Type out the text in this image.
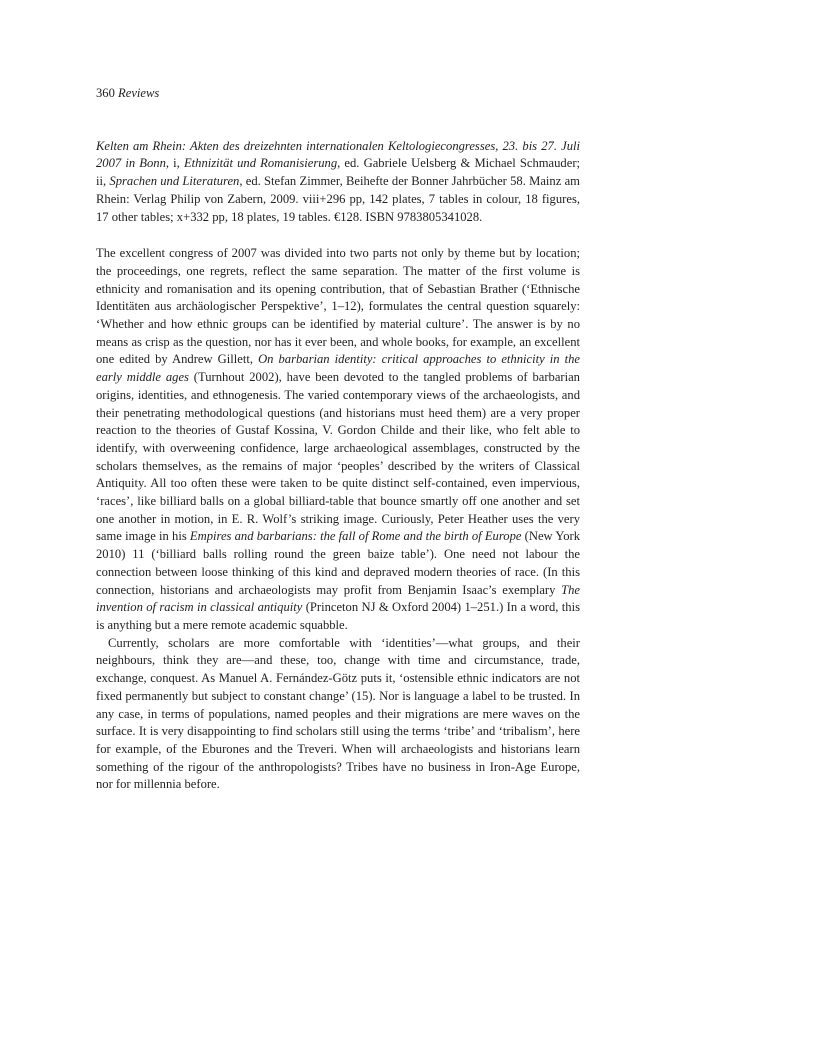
360 Reviews

Kelten am Rhein: Akten des dreizehnten internationalen Keltologiecongresses, 23. bis 27. Juli 2007 in Bonn, i, Ethnizität und Romanisierung, ed. Gabriele Uelsberg & Michael Schmauder; ii, Sprachen und Literaturen, ed. Stefan Zimmer, Beihefte der Bonner Jahrbücher 58. Mainz am Rhein: Verlag Philip von Zabern, 2009. viii+296 pp, 142 plates, 7 tables in colour, 18 figures, 17 other tables; x+332 pp, 18 plates, 19 tables. €128. ISBN 9783805341028.

The excellent congress of 2007 was divided into two parts not only by theme but by location; the proceedings, one regrets, reflect the same separation. The matter of the first volume is ethnicity and romanisation and its opening contribution, that of Sebastian Brather (‘Ethnische Identitäten aus archäologischer Perspektive’, 1–12), formulates the central question squarely: ‘Whether and how ethnic groups can be identified by material culture’. The answer is by no means as crisp as the question, nor has it ever been, and whole books, for example, an excellent one edited by Andrew Gillett, On barbarian identity: critical approaches to ethnicity in the early middle ages (Turnhout 2002), have been devoted to the tangled problems of barbarian origins, identities, and ethnogenesis. The varied contemporary views of the archaeologists, and their penetrating methodological questions (and historians must heed them) are a very proper reaction to the theories of Gustaf Kossina, V. Gordon Childe and their like, who felt able to identify, with overweening confidence, large archaeological assemblages, constructed by the scholars themselves, as the remains of major ‘peoples’ described by the writers of Classical Antiquity. All too often these were taken to be quite distinct self-contained, even impervious, ‘races’, like billiard balls on a global billiard-table that bounce smartly off one another and set one another in motion, in E. R. Wolf’s striking image. Curiously, Peter Heather uses the very same image in his Empires and barbarians: the fall of Rome and the birth of Europe (New York 2010) 11 (‘billiard balls rolling round the green baize table’). One need not labour the connection between loose thinking of this kind and depraved modern theories of race. (In this connection, historians and archaeologists may profit from Benjamin Isaac’s exemplary The invention of racism in classical antiquity (Princeton NJ & Oxford 2004) 1–251.) In a word, this is anything but a mere remote academic squabble.

Currently, scholars are more comfortable with ‘identities’—what groups, and their neighbours, think they are—and these, too, change with time and circumstance, trade, exchange, conquest. As Manuel A. Fernández-Götz puts it, ‘ostensible ethnic indicators are not fixed permanently but subject to constant change’ (15). Nor is language a label to be trusted. In any case, in terms of populations, named peoples and their migrations are mere waves on the surface. It is very disappointing to find scholars still using the terms ‘tribe’ and ‘tribalism’, here for example, of the Eburones and the Treveri. When will archaeologists and historians learn something of the rigour of the anthropologists? Tribes have no business in Iron-Age Europe, nor for millennia before.
